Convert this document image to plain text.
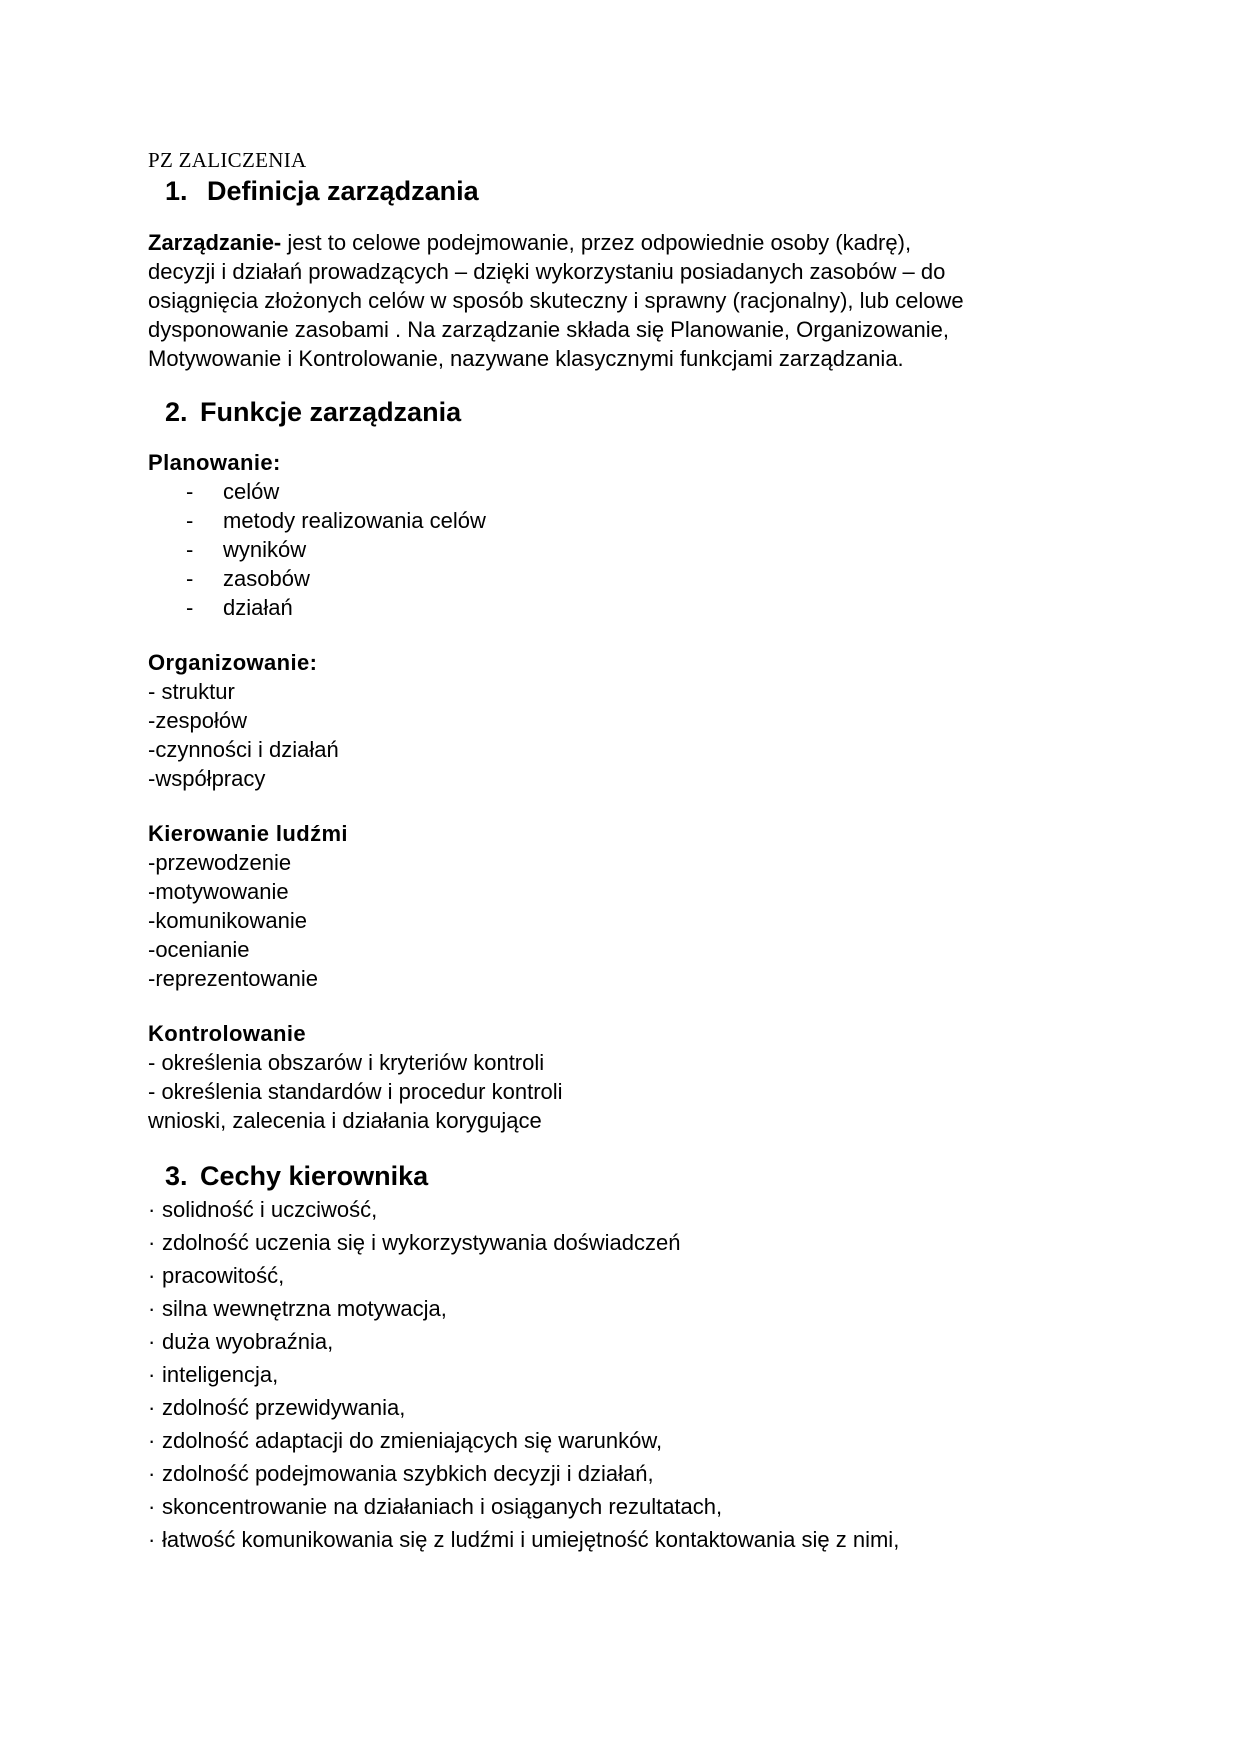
PZ ZALICZENIA
1. Definicja zarządzania
Zarządzanie- jest to celowe podejmowanie, przez odpowiednie osoby (kadrę),
decyzji i działań prowadzących – dzięki wykorzystaniu posiadanych zasobów – do
osiągnięcia złożonych celów w sposób skuteczny i sprawny (racjonalny), lub celowe
dysponowanie zasobami . Na zarządzanie składa się Planowanie, Organizowanie,
Motywowanie i Kontrolowanie, nazywane klasycznymi funkcjami zarządzania.
2. Funkcje zarządzania
Planowanie:
-	celów
-	metody realizowania celów
-	wyników
-	zasobów
-	działań
Organizowanie:
- struktur
-zespołów
-czynności i działań
-współpracy
Kierowanie ludźmi
-przewodzenie
-motywowanie
-komunikowanie
-ocenianie
-reprezentowanie
Kontrolowanie
- określenia obszarów i kryteriów kontroli
- określenia standardów i procedur kontroli
wnioski, zalecenia i działania korygujące
3. Cechy kierownika
· solidność i uczciwość,
· zdolność uczenia się i wykorzystywania doświadczeń
· pracowitość,
· silna wewnętrzna motywacja,
· duża wyobraźnia,
· inteligencja,
· zdolność przewidywania,
· zdolność adaptacji do zmieniających się warunków,
· zdolność podejmowania szybkich decyzji i działań,
· skoncentrowanie na działaniach i osiąganych rezultatach,
· łatwość komunikowania się z ludźmi i umiejętność kontaktowania się z nimi,
